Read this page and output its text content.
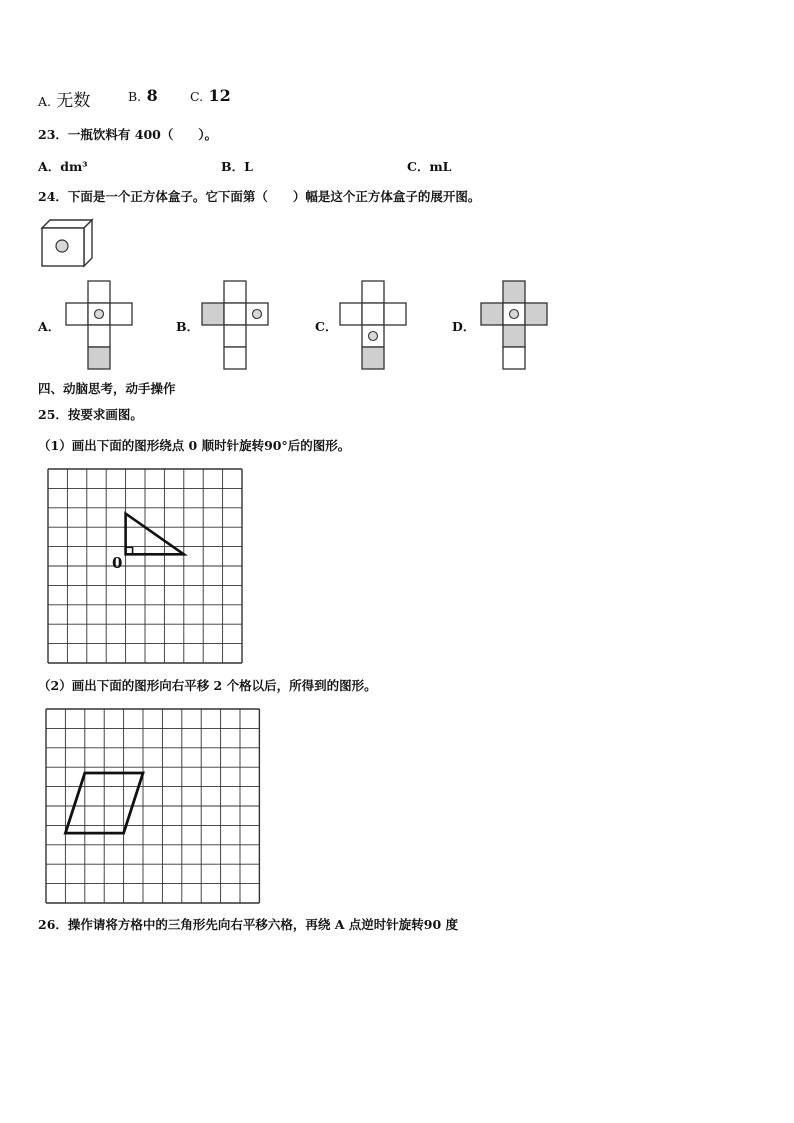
A. 无数	B. 8	C. 12
23．一瓶饮料有 400（　　）。
A．dm³	B．L	C．mL
24．下面是一个正方体盒子。它下面第（　　）幅是这个正方体盒子的展开图。
A．	B．	C．	D．
四、动脑思考，动手操作
25．按要求画图。
（1）画出下面的图形绕点 0 顺时针旋转90°后的图形。
0
（2）画出下面的图形向右平移 2 个格以后，所得到的图形。
26．操作请将方格中的三角形先向右平移六格，再绕 A 点逆时针旋转90 度
